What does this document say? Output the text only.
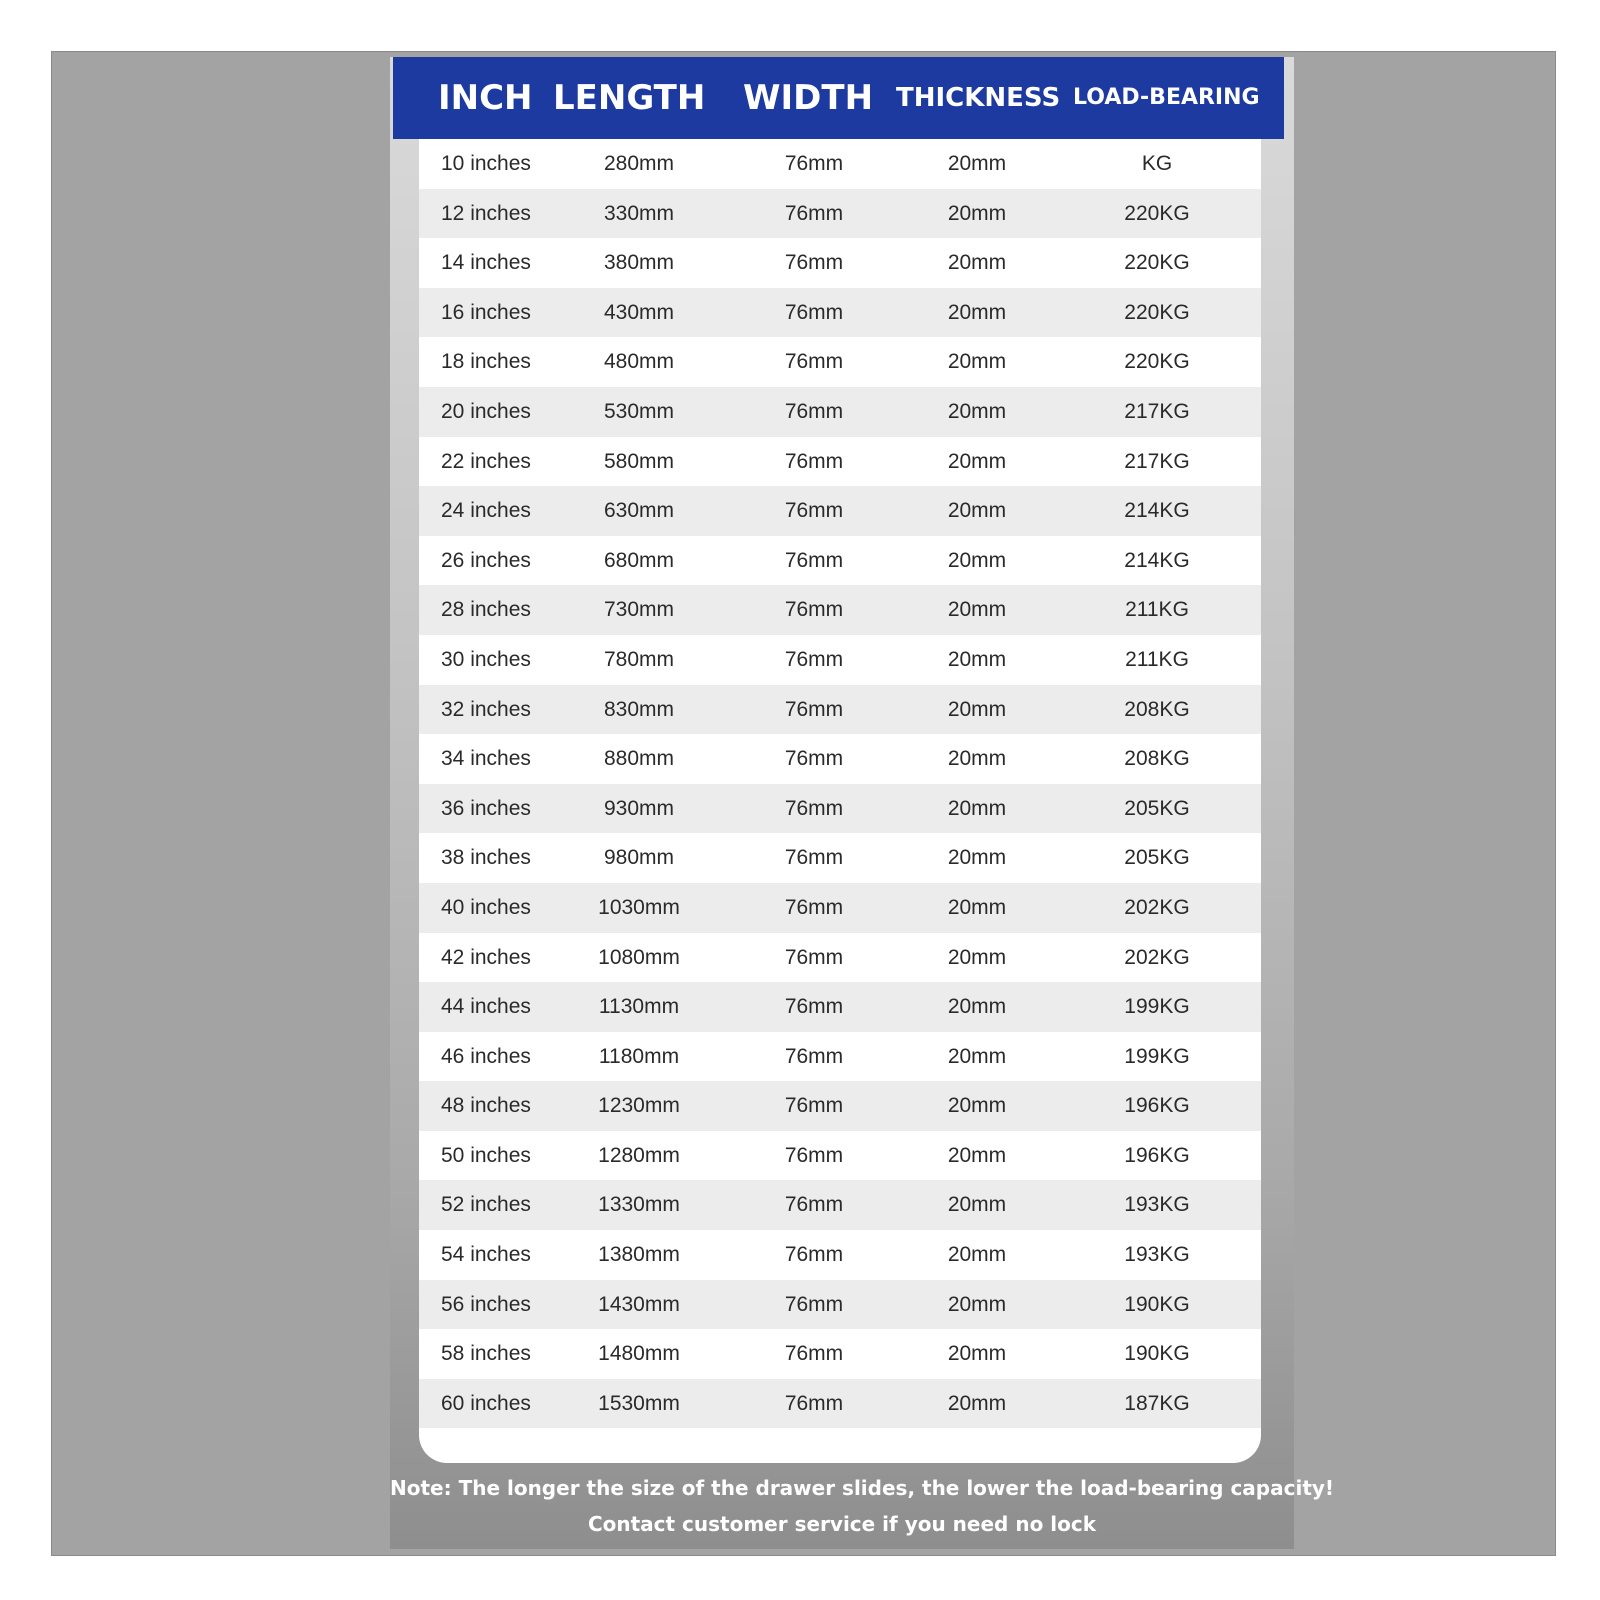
INCH LENGTH WIDTH THICKNESS LOAD-BEARING
10 inches	280mm	76mm	20mm	KG
12 inches	330mm	76mm	20mm	220KG
14 inches	380mm	76mm	20mm	220KG
16 inches	430mm	76mm	20mm	220KG
18 inches	480mm	76mm	20mm	220KG
20 inches	530mm	76mm	20mm	217KG
22 inches	580mm	76mm	20mm	217KG
24 inches	630mm	76mm	20mm	214KG
26 inches	680mm	76mm	20mm	214KG
28 inches	730mm	76mm	20mm	211KG
30 inches	780mm	76mm	20mm	211KG
32 inches	830mm	76mm	20mm	208KG
34 inches	880mm	76mm	20mm	208KG
36 inches	930mm	76mm	20mm	205KG
38 inches	980mm	76mm	20mm	205KG
40 inches	1030mm	76mm	20mm	202KG
42 inches	1080mm	76mm	20mm	202KG
44 inches	1130mm	76mm	20mm	199KG
46 inches	1180mm	76mm	20mm	199KG
48 inches	1230mm	76mm	20mm	196KG
50 inches	1280mm	76mm	20mm	196KG
52 inches	1330mm	76mm	20mm	193KG
54 inches	1380mm	76mm	20mm	193KG
56 inches	1430mm	76mm	20mm	190KG
58 inches	1480mm	76mm	20mm	190KG
60 inches	1530mm	76mm	20mm	187KG
Note: The longer the size of the drawer slides, the lower the load-bearing capacity!
Contact customer service if you need no lock
